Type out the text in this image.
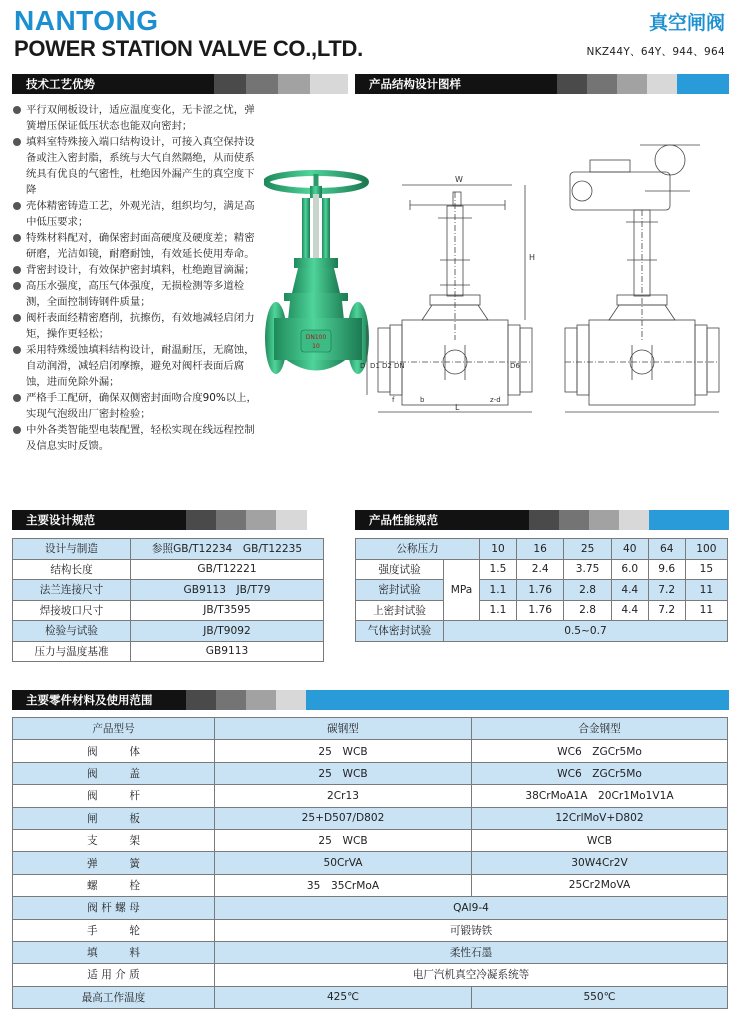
NANTONG
POWER STATION VALVE CO.,LTD.
真空闸阀
NKZ44Y、64Y、944、964
技术工艺优势	产品结构设计图样
平行双闸板设计，适应温度变化，无卡涩之忧，弹簧增压保证低压状态也能双向密封；
填料室特殊接入端口结构设计，可接入真空保持设备或注入密封脂，系统与大气自然隔绝，从而使系统具有优良的气密性，杜绝因外漏产生的真空度下降
壳体精密铸造工艺，外观光洁，组织均匀，满足高中低压要求；
特殊材料配对，确保密封面高硬度及硬度差；精密研磨，光洁如镜，耐磨耐蚀，有效延长使用寿命。
背密封设计，有效保护密封填料，杜绝跑冒滴漏；
高压水强度，高压气体强度，无损检测等多道检测，全面控制铸钢件质量；
阀杆表面经精密磨削，抗擦伤，有效地减轻启闭力矩，操作更轻松；
采用特殊缓蚀填料结构设计，耐温耐压，无腐蚀，自动润滑，减轻启闭摩擦，避免对阀杆表面后腐蚀，进而免除外漏；
严格手工配研，确保双侧密封面吻合度90%以上，实现气泡级出厂密封检验；
中外各类智能型电装配置，轻松实现在线远程控制及信息实时反馈。
DN100
10
W
D D1 D2 DN	D6
L
f	z-d
b
H
主要设计规范	产品性能规范
设计与制造	参照GB/T12234　GB/T12235
结构长度	GB/T12221
法兰连接尺寸	GB9113　JB/T79
焊接坡口尺寸	JB/T3595
检验与试验	JB/T9092
压力与温度基准	GB9113
公称压力		10	16	25	40	64	100
强度试验	MPa	1.5	2.4	3.75	6.0	9.6	15
密封试验		1.1	1.76	2.8	4.4	7.2	11
上密封试验		1.1	1.76	2.8	4.4	7.2	11
气体密封试验	0.5~0.7						
主要零件材料及使用范围
产品型号	碳钢型	合金钢型
阀　　　体	25　WCB	WC6　ZGCr5Mo
阀　　　盖	25　WCB	WC6　ZGCr5Mo
阀　　　杆	2Cr13	38CrMoA1A　20Cr1Mo1V1A
闸　　　板	25+D507/D802	12CrlMoV+D802
支　　　架	25　WCB	WCB
弹　　　簧	50CrVA	30W4Cr2V
螺　　　栓	35　35CrMoA	25Cr2MoVA
阀 杆 螺 母	QAl9-4	
手　　　轮	可锻铸铁	
填　　　料	柔性石墨	
适 用 介 质	电厂汽机真空冷凝系统等	
最高工作温度	425℃	550℃
